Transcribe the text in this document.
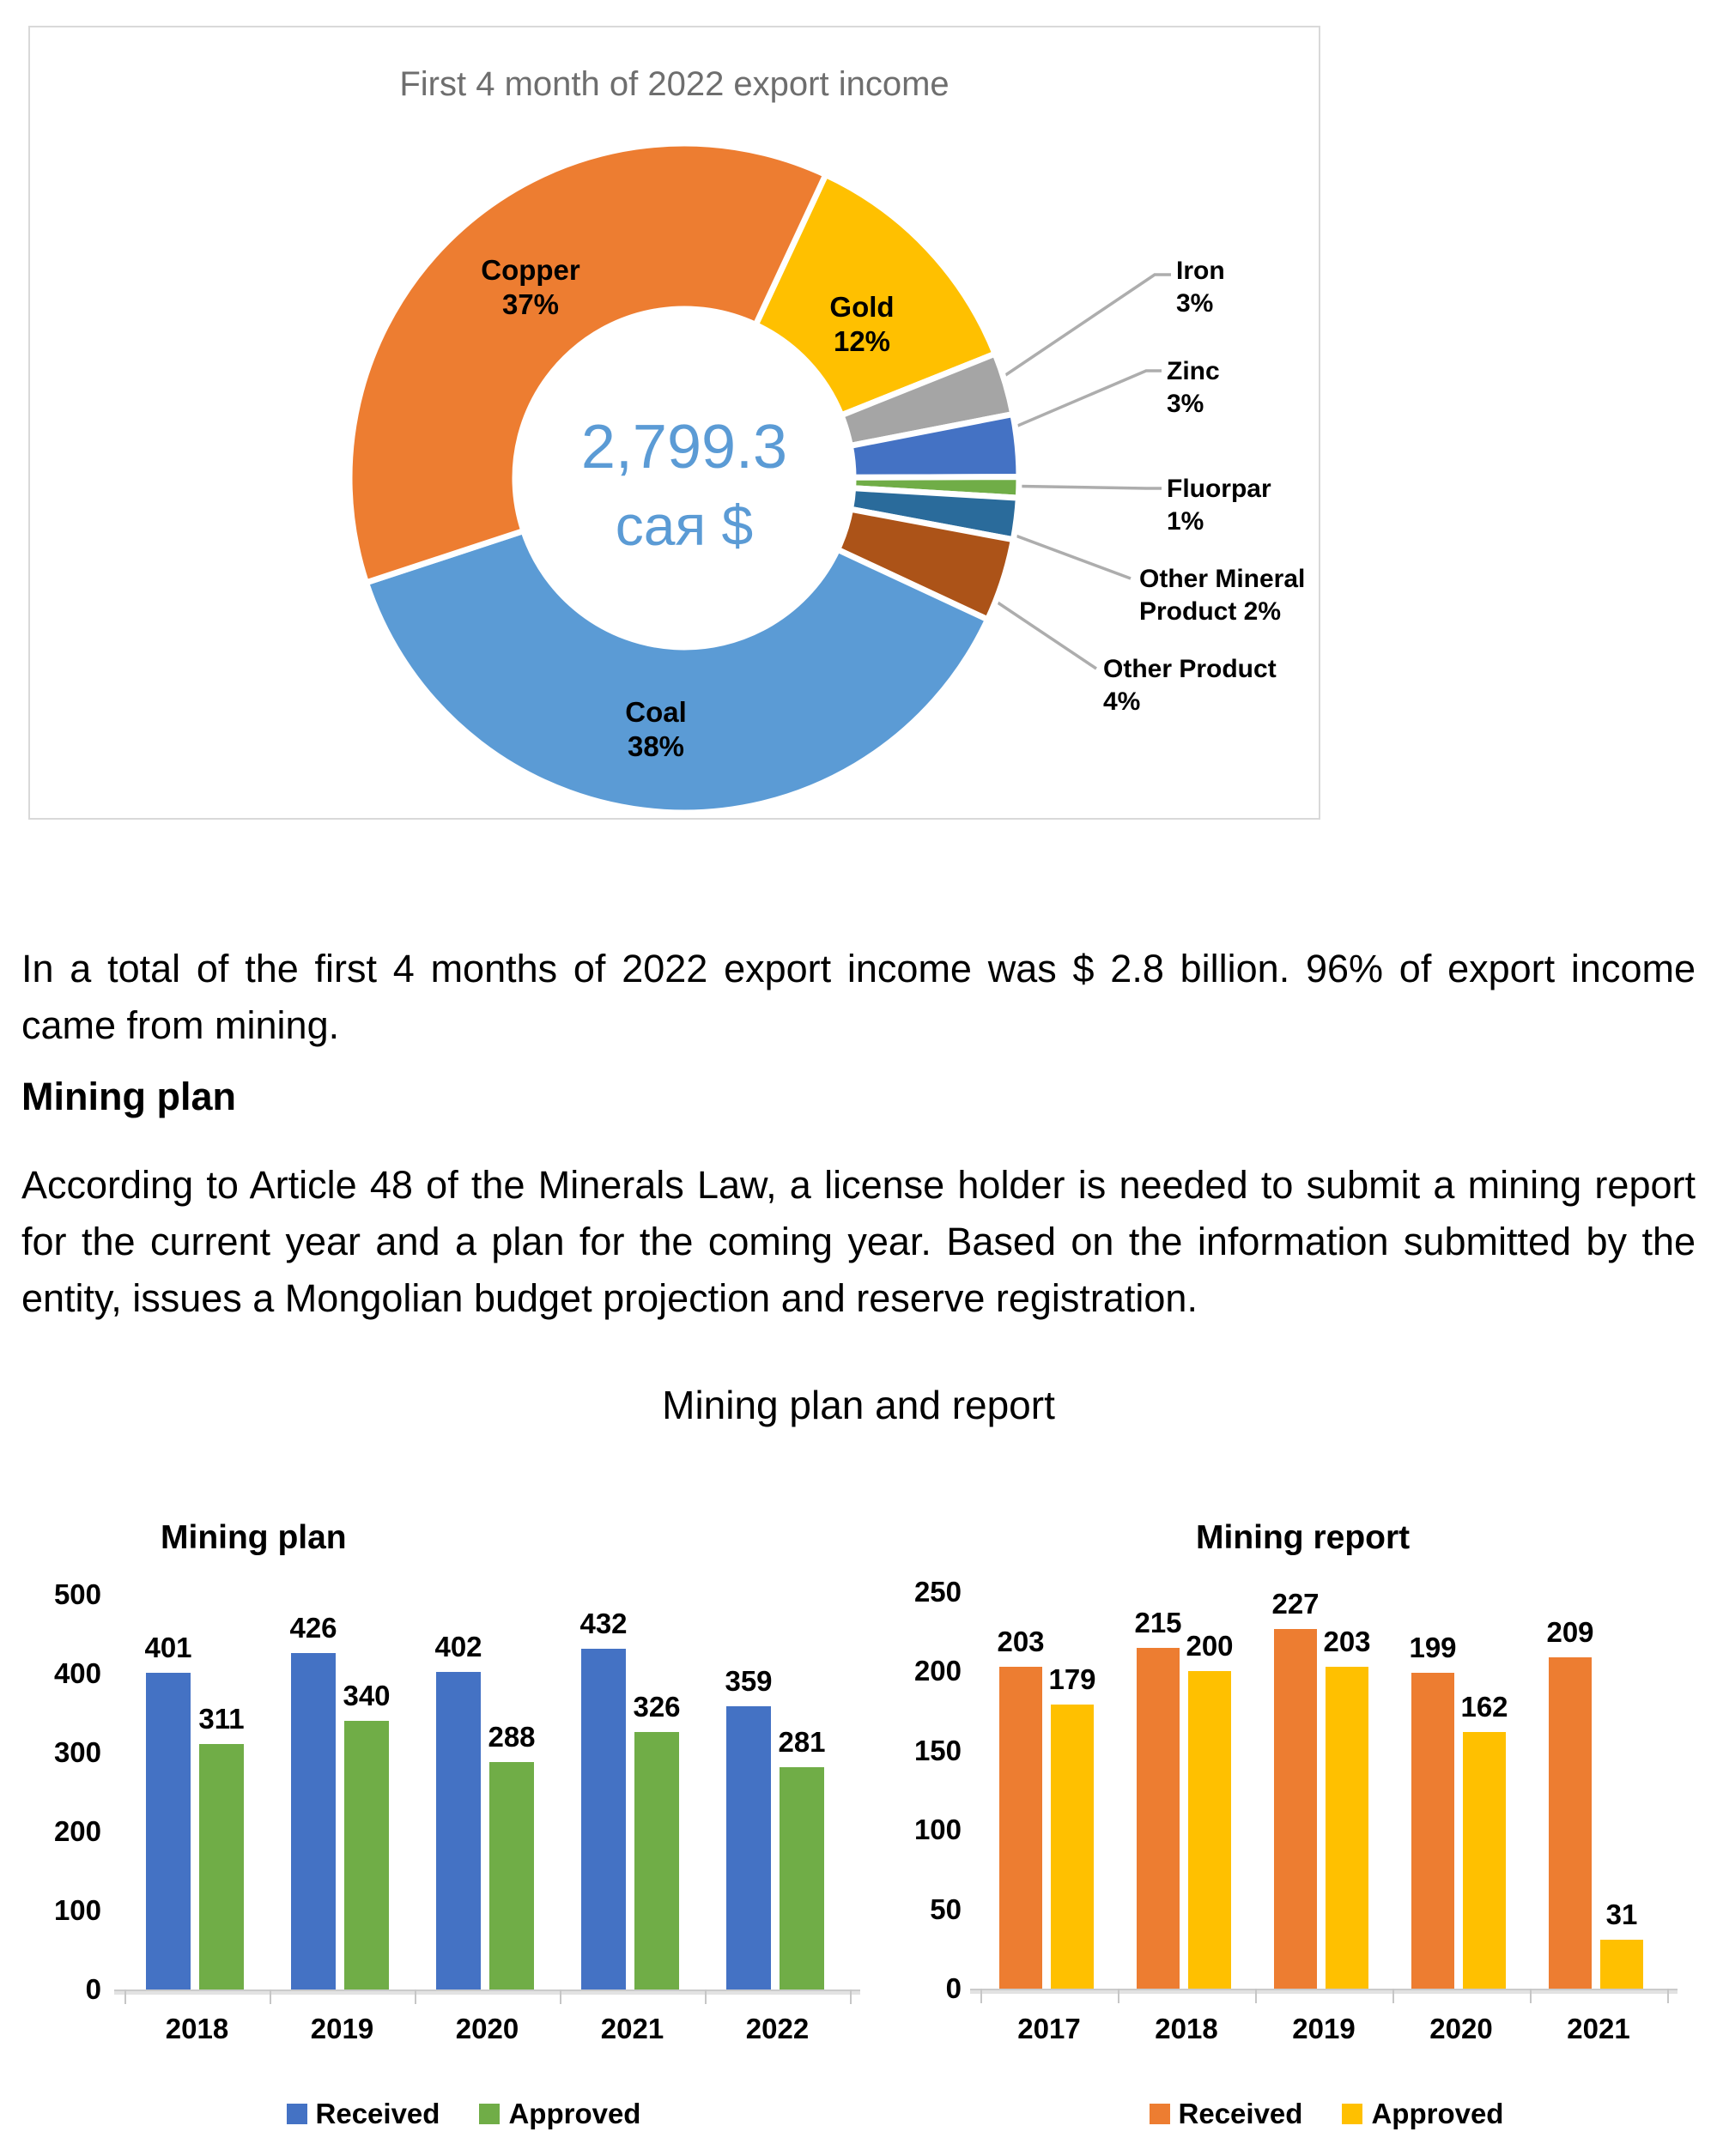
First 4 month of 2022 export income
2,799.3
сая $
Gold
12%
Iron
3%
Zinc
3%
Fluorpar
1%
Other Mineral
Product 2%
Other Product
4%
Coal
38%
Copper
37%
In a total of the first 4 months of 2022 export income was $ 2.8 billion. 96% of export income came from mining.
Mining plan
According to Article 48 of the Minerals Law, a license holder is needed to submit a mining report for the current year and a plan for the coming year. Based on the information submitted by the entity, issues a Mongolian budget projection and reserve registration.
Mining plan and report
Mining plan	Mining report
0
100
200
300
400
500
401
311
2018
426
340
2019
402
288
2020
432
326
2021
359
281
2022
Received Approved
0
50
100
150
200
250
203
179
2017
215
200
2018
227
203
2019
199
162
2020
209
31
2021
Received Approved
